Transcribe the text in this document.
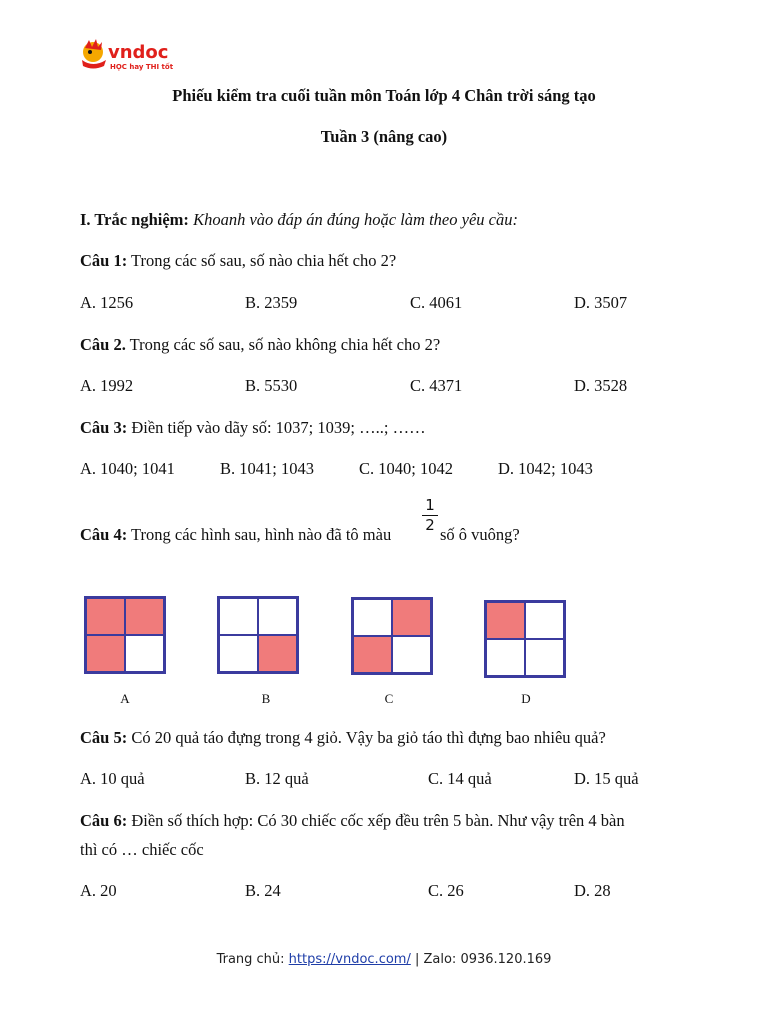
vndoc
HỌC hay THI tốt
Phiếu kiểm tra cuối tuần môn Toán lớp 4 Chân trời sáng tạo
Tuần 3 (nâng cao)
I. Trắc nghiệm: Khoanh vào đáp án đúng hoặc làm theo yêu cầu:
Câu 1: Trong các số sau, số nào chia hết cho 2?
A. 1256	B. 2359	C. 4061	D. 3507
Câu 2. Trong các số sau, số nào không chia hết cho 2?
A. 1992	B. 5530	C. 4371	D. 3528
Câu 3: Điền tiếp vào dãy số: 1037; 1039; …..; ……
A. 1040; 1041	B. 1041; 1043	C. 1040; 1042	D. 1042; 1043
Câu 4: Trong các hình sau, hình nào đã tô màu
1
2 số ô vuông?
A	B	C	D
Câu 5: Có 20 quả táo đựng trong 4 giỏ. Vậy ba giỏ táo thì đựng bao nhiêu quả?
A. 10 quả	B. 12 quả	C. 14 quả	D. 15 quả
Câu 6: Điền số thích hợp: Có 30 chiếc cốc xếp đều trên 5 bàn. Như vậy trên 4 bàn
thì có … chiếc cốc
A. 20	B. 24	C. 26	D. 28
Trang chủ: https://vndoc.com/ | Zalo: 0936.120.169
